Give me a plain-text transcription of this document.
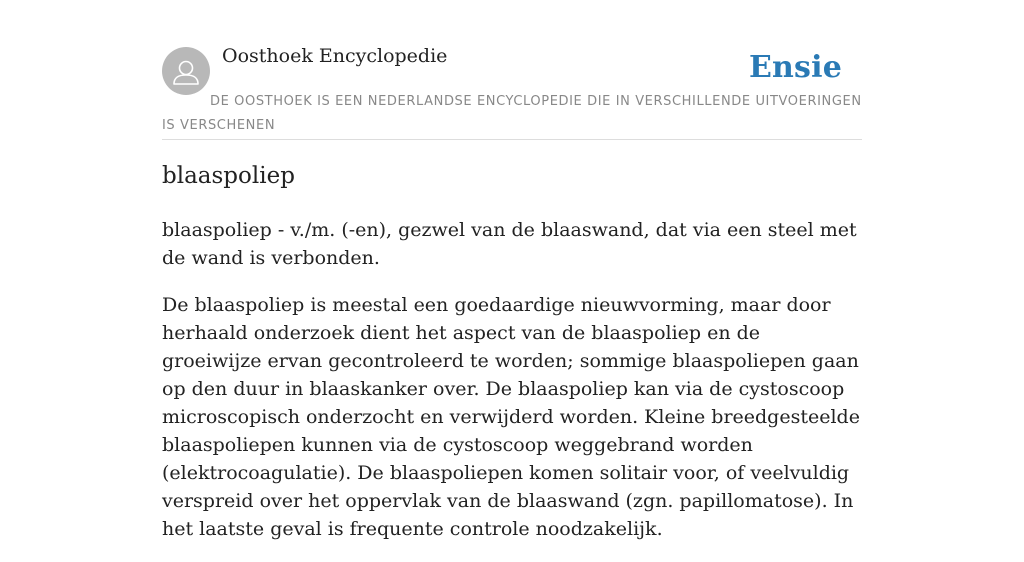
Oosthoek Encyclopedie	Ensie
DE OOSTHOEK IS EEN NEDERLANDSE ENCYCLOPEDIE DIE IN VERSCHILLENDE UITVOERINGEN IS VERSCHENEN
blaaspoliep

blaaspoliep - v./m. (-en), gezwel van de blaaswand, dat via een steel met de wand is verbonden.

De blaaspoliep is meestal een goedaardige nieuwvorming, maar door herhaald onderzoek dient het aspect van de blaaspoliep en de groeiwijzе ervan gecontroleerd te worden; sommige blaaspoliepen gaan op den duur in blaaskanker over. De blaaspoliep kan via de cystoscoop microscopisch onderzocht en verwijderd worden. Kleine breedgesteelde blaaspoliepen kunnen via de cystoscoop weggebrand worden (elektrocoagulatie). De blaaspoliepen komen solitair voor, of veelvuldig verspreid over het oppervlak van de blaaswand (zgn. papillomatose). In het laatste geval is frequente controle noodzakelijk.
